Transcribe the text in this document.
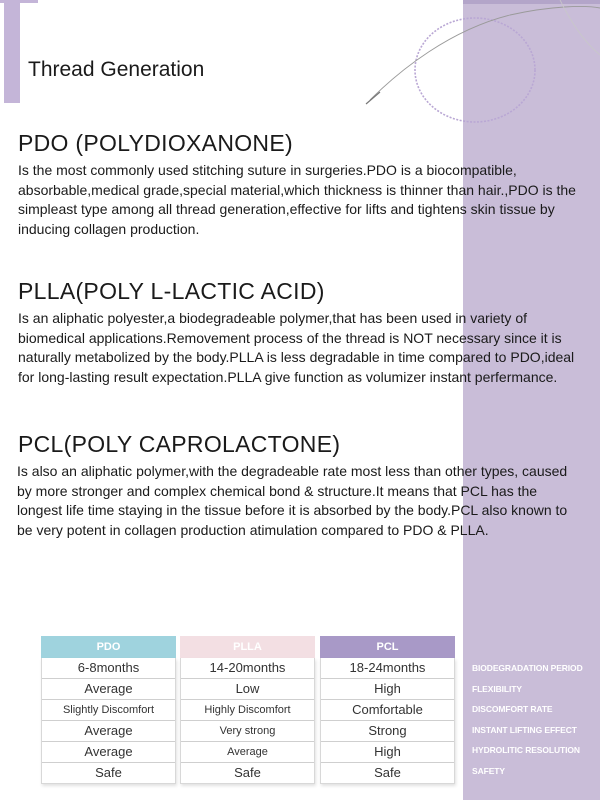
Thread Generation
PDO (POLYDIOXANONE)

Is the most commonly used stitching suture in surgeries.PDO is a biocompatible, absorbable,medical grade,special material,which thickness is thinner than hair.,PDO is the simpleast type among all thread generation,effective for lifts and tightens skin tissue by inducing collagen production.

PLLA(POLY L-LACTIC ACID)

Is an aliphatic polyester,a biodegradeable polymer,that has been used in variety of biomedical applications.Removement process of the thread is NOT necessary since it is naturally metabolized by the body.PLLA is less degradable in time compared to PDO,ideal for long-lasting result expectation.PLLA give function as volumizer instant perfermance.

PCL(POLY CAPROLACTONE)

Is also an aliphatic polymer,with the degradeable rate most less than other types, caused by more stronger and complex chemical bond & structure.It means that PCL has the longest life time staying in the tissue before it is absorbed by the body.PCL also known to be very potent in collagen production atimulation compared to PDO & PLLA.

PDO
6-8months
Average
Slightly Discomfort
Average
Average
Safe
PLLA
14-20months
Low
Highly Discomfort
Very strong
Average
Safe
PCL
18-24months
High
Comfortable
Strong
High
Safe
BIODEGRADATION PERIOD
FLEXIBILITY
DISCOMFORT RATE
INSTANT LIFTING EFFECT
HYDROLITIC RESOLUTION
SAFETY
